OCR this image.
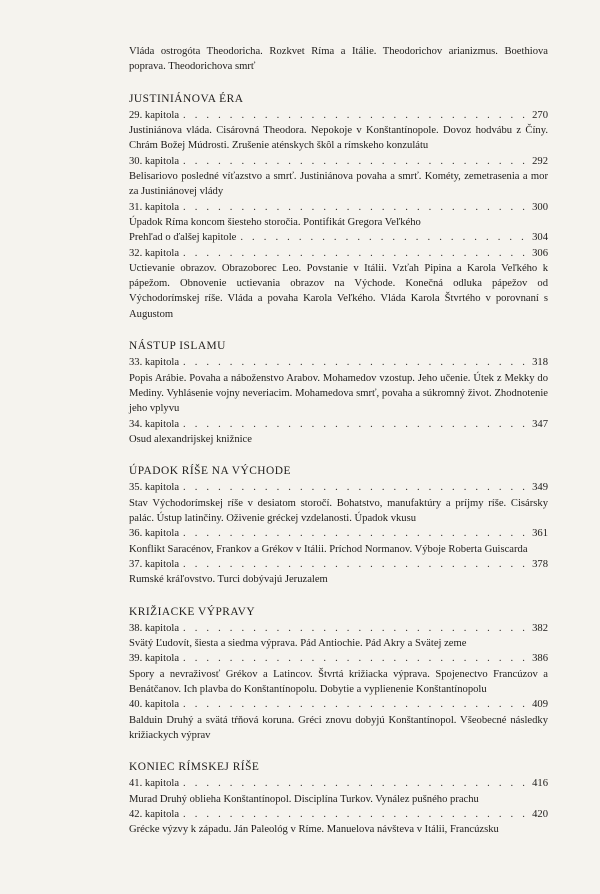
Vláda ostrogóta Theodoricha. Rozkvet Ríma a Itálie. Theodorichov arianizmus. Boethiova poprava. Theodorichova smrť

JUSTINIÁNOVA ÉRA
29. kapitola . . .	270

Justiniánova vláda. Cisárovná Theodora. Nepokoje v Konštantínopole. Dovoz hodvábu z Číny. Chrám Božej Múdrosti. Zrušenie aténskych škôl a rímskeho konzulátu

30. kapitola . . .	292

Belisariovo posledné víťazstvo a smrť. Justiniánova povaha a smrť. Kométy, zemetrasenia a mor za Justiniánovej vlády

31. kapitola . . .	300

Úpadok Ríma koncom šiesteho storočia. Pontifikát Gregora Veľkého

Prehľad o ďalšej kapitole . . .	304
32. kapitola . . .	306

Uctievanie obrazov. Obrazoborec Leo. Povstanie v Itálii. Vzťah Pipina a Karola Veľkého k pápežom. Obnovenie uctievania obrazov na Východe. Konečná odluka pápežov od Východorímskej ríše. Vláda a povaha Karola Veľkého. Vláda Karola Štvrtého v porovnaní s Augustom

NÁSTUP ISLAMU
33. kapitola . . .	318

Popis Arábie. Povaha a náboženstvo Arabov. Mohamedov vzostup. Jeho učenie. Útek z Mekky do Mediny. Vyhlásenie vojny neveriacim. Mohamedova smrť, povaha a súkromný život. Zhodnotenie jeho vplyvu

34. kapitola . . .	347

Osud alexandrijskej knižnice

ÚPADOK RÍŠE NA VÝCHODE
35. kapitola . . .	349

Stav Východorímskej ríše v desiatom storočí. Bohatstvo, manufaktúry a príjmy ríše. Cisársky palác. Ústup latinčiny. Oživenie gréckej vzdelanosti. Úpadok vkusu

36. kapitola . . .	361

Konflikt Saracénov, Frankov a Grékov v Itálii. Príchod Normanov. Výboje Roberta Guiscarda

37. kapitola . . .	378

Rumské kráľovstvo. Turci dobývajú Jeruzalem

KRIŽIACKE VÝPRAVY
38. kapitola . . .	382

Svätý Ľudovít, šiesta a siedma výprava. Pád Antiochie. Pád Akry a Svätej zeme

39. kapitola . . .	386

Spory a nevraživosť Grékov a Latincov. Štvrtá križiacka výprava. Spojenectvo Francúzov a Benátčanov. Ich plavba do Konštantínopolu. Dobytie a vyplienenie Konštantínopolu

40. kapitola . . .	409

Balduin Druhý a svätá tŕňová koruna. Gréci znovu dobyjú Konštantínopol. Všeobecné následky križiackych výprav

KONIEC RÍMSKEJ RÍŠE
41. kapitola . . .	416

Murad Druhý oblieha Konštantínopol. Disciplína Turkov. Vynález pušného prachu

42. kapitola . . .	420

Grécke výzvy k západu. Ján Paleológ v Ríme. Manuelova návšteva v Itálii, Francúzsku
